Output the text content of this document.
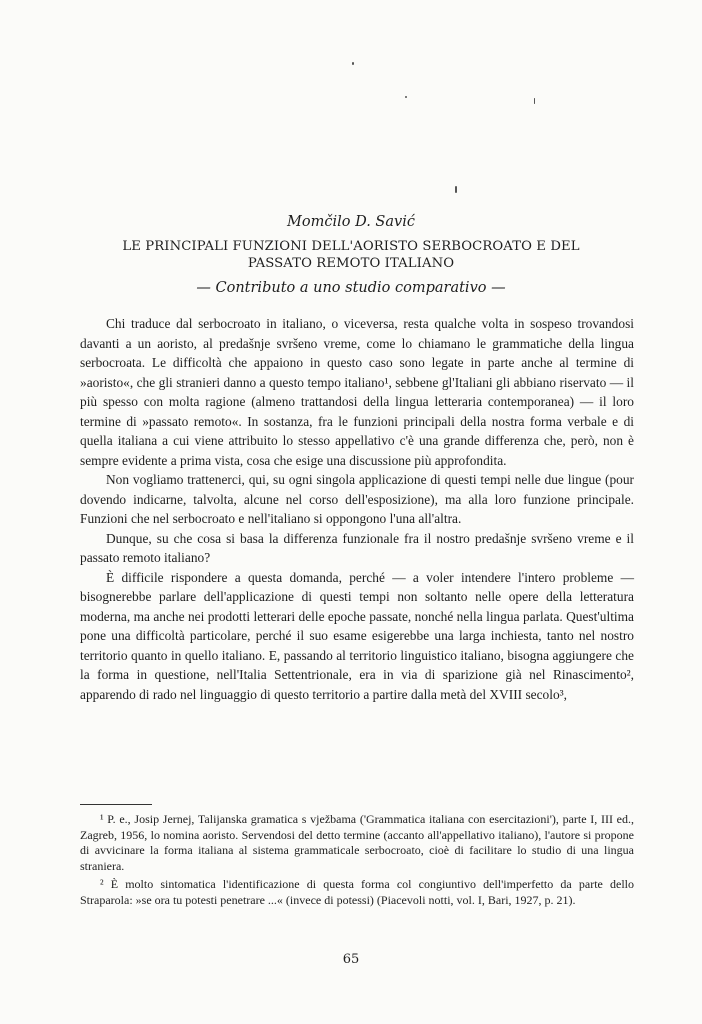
Momčilo D. Savić
LE PRINCIPALI FUNZIONI DELL'AORISTO SERBOCROATO E DEL
PASSATO REMOTO ITALIANO
— Contributo a uno studio comparativo —

Chi traduce dal serbocroato in italiano, o viceversa, resta qualche volta in sospeso trovandosi davanti a un aoristo, al predašnje svršeno vreme, come lo chiamano le grammatiche della lingua serbocroata. Le difficoltà che appaiono in questo caso sono legate in parte anche al termine di »aoristo«, che gli stranieri danno a questo tempo italiano¹, sebbene gl'Italiani gli abbiano riservato — il più spesso con molta ragione (almeno trattandosi della lingua letteraria contemporanea) — il loro termine di »passato remoto«. In sostanza, fra le funzioni principali della nostra forma verbale e di quella italiana a cui viene attribuito lo stesso appellativo c'è una grande differenza che, però, non è sempre evidente a prima vista, cosa che esige una discussione più approfondita.

Non vogliamo trattenerci, qui, su ogni singola applicazione di questi tempi nelle due lingue (pour dovendo indicarne, talvolta, alcune nel corso dell'esposizione), ma alla loro funzione principale. Funzioni che nel serbocroato e nell'italiano si oppongono l'una all'altra.

Dunque, su che cosa si basa la differenza funzionale fra il nostro predašnje svršeno vreme e il passato remoto italiano?

È difficile rispondere a questa domanda, perché — a voler intendere l'intero probleme — bisognerebbe parlare dell'applicazione di questi tempi non soltanto nelle opere della letteratura moderna, ma anche nei prodotti letterari delle epoche passate, nonché nella lingua parlata. Quest'ultima pone una difficoltà particolare, perché il suo esame esigerebbe una larga inchiesta, tanto nel nostro territorio quanto in quello italiano. E, passando al territorio linguistico italiano, bisogna aggiungere che la forma in questione, nell'Italia Settentrionale, era in via di sparizione già nel Rinascimento², apparendo di rado nel linguaggio di questo territorio a partire dalla metà del XVIII secolo³,

¹ P. e., Josip Jernej, Talijanska gramatica s vježbama ('Grammatica italiana con esercitazioni'), parte I, III ed., Zagreb, 1956, lo nomina aoristo. Servendosi del detto termine (accanto all'appellativo italiano), l'autore si propone di avvicinare la forma italiana al sistema grammaticale serbocroato, cioè di facilitare lo studio di una lingua straniera.

² È molto sintomatica l'identificazione di questa forma col congiuntivo dell'imperfetto da parte dello Straparola: »se ora tu potesti penetrare ...« (invece di potessi) (Piacevoli notti, vol. I, Bari, 1927, p. 21).

65
